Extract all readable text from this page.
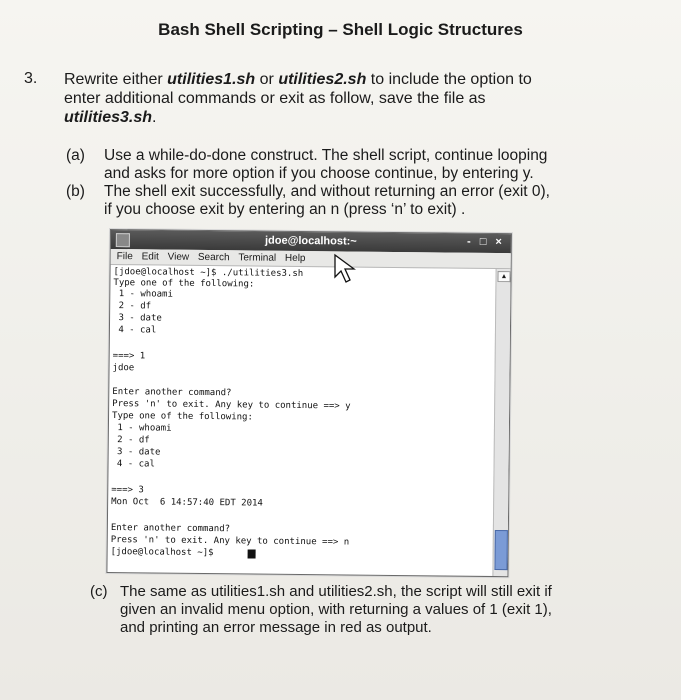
Bash Shell Scripting – Shell Logic Structures
3. Rewrite either utilities1.sh or utilities2.sh to include the option to
enter additional commands or exit as follow, save the file as
utilities3.sh.
(a) Use a while-do-done construct. The shell script, continue looping
and asks for more option if you choose continue, by entering y.
(b) The shell exit successfully, and without returning an error (exit 0),
if you choose exit by entering an n (press ‘n’ to exit) .
jdoe@localhost:~	- □ ×
File Edit View Search Terminal Help
[jdoe@localhost ~]$ ./utilities3.sh
Type one of the following:
1 - whoami
2 - df
3 - date
4 - cal
===> 1
jdoe
Enter another command?
Press 'n' to exit. Any key to continue ==> y
Type one of the following:
1 - whoami
2 - df
3 - date
4 - cal
===> 3
Mon Oct  6 14:57:40 EDT 2014
Enter another command?
Press 'n' to exit. Any key to continue ==> n
[jdoe@localhost ~]$
▲
(c) The same as utilities1.sh and utilities2.sh, the script will still exit if
given an invalid menu option, with returning a values of 1 (exit 1),
and printing an error message in red as output.
